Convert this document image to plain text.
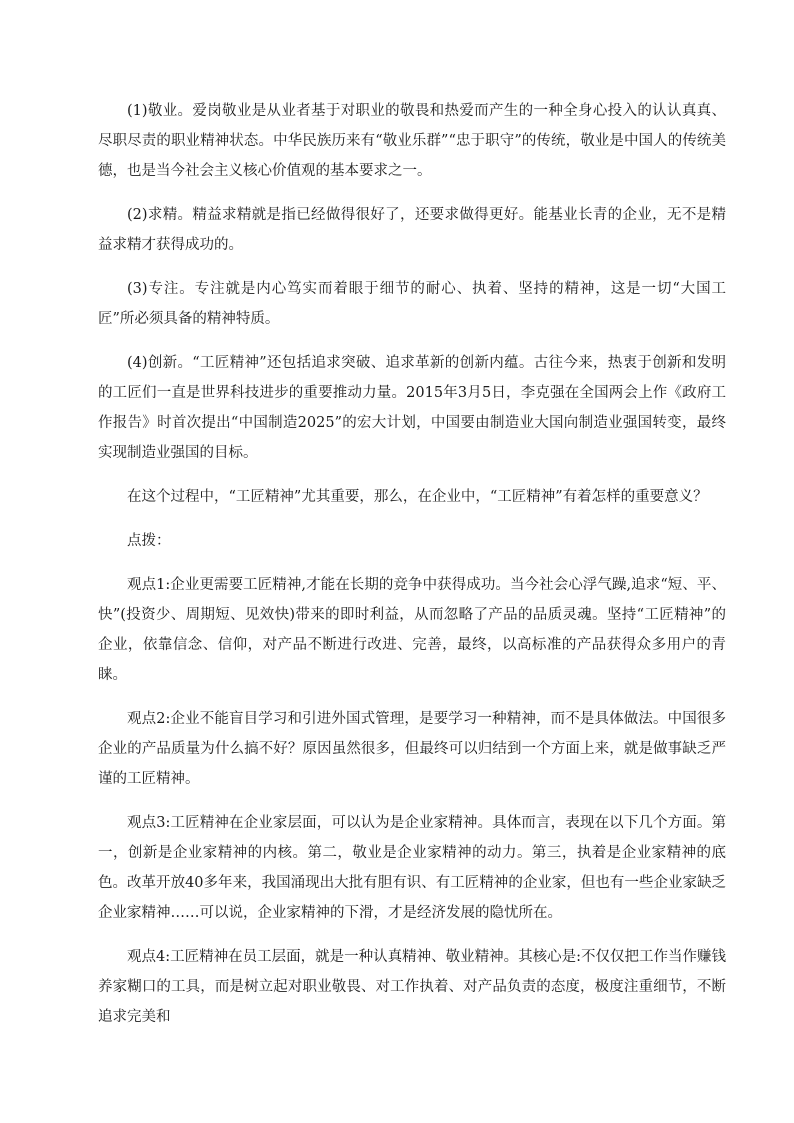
(1)敬业。爱岗敬业是从业者基于对职业的敬畏和热爱而产生的一种全身心投入的认认真真、尽职尽责的职业精神状态。中华民族历来有“敬业乐群”“忠于职守”的传统，敬业是中国人的传统美德，也是当今社会主义核心价值观的基本要求之一。

(2)求精。精益求精就是指已经做得很好了，还要求做得更好。能基业长青的企业，无不是精益求精才获得成功的。

(3)专注。专注就是内心笃实而着眼于细节的耐心、执着、坚持的精神，这是一切“大国工匠”所必须具备的精神特质。

(4)创新。“工匠精神”还包括追求突破、追求革新的创新内蕴。古往今来，热衷于创新和发明的工匠们一直是世界科技进步的重要推动力量。2015年3月5日，李克强在全国两会上作《政府工作报告》时首次提出“中国制造2025”的宏大计划，中国要由制造业大国向制造业强国转变，最终实现制造业强国的目标。

在这个过程中，“工匠精神”尤其重要，那么，在企业中，“工匠精神”有着怎样的重要意义？

点拨：

观点1:企业更需要工匠精神,才能在长期的竞争中获得成功。当今社会心浮气躁,追求“短、平、快”(投资少、周期短、见效快)带来的即时利益，从而忽略了产品的品质灵魂。坚持“工匠精神”的企业，依靠信念、信仰，对产品不断进行改进、完善，最终，以高标准的产品获得众多用户的青睐。

观点2:企业不能盲目学习和引进外国式管理，是要学习一种精神，而不是具体做法。中国很多企业的产品质量为什么搞不好？原因虽然很多，但最终可以归结到一个方面上来，就是做事缺乏严谨的工匠精神。

观点3:工匠精神在企业家层面，可以认为是企业家精神。具体而言，表现在以下几个方面。第一，创新是企业家精神的内核。第二，敬业是企业家精神的动力。第三，执着是企业家精神的底色。改革开放40多年来，我国涌现出大批有胆有识、有工匠精神的企业家，但也有一些企业家缺乏企业家精神……可以说，企业家精神的下滑，才是经济发展的隐忧所在。

观点4:工匠精神在员工层面，就是一种认真精神、敬业精神。其核心是:不仅仅把工作当作赚钱养家糊口的工具，而是树立起对职业敬畏、对工作执着、对产品负责的态度，极度注重细节，不断追求完美和
